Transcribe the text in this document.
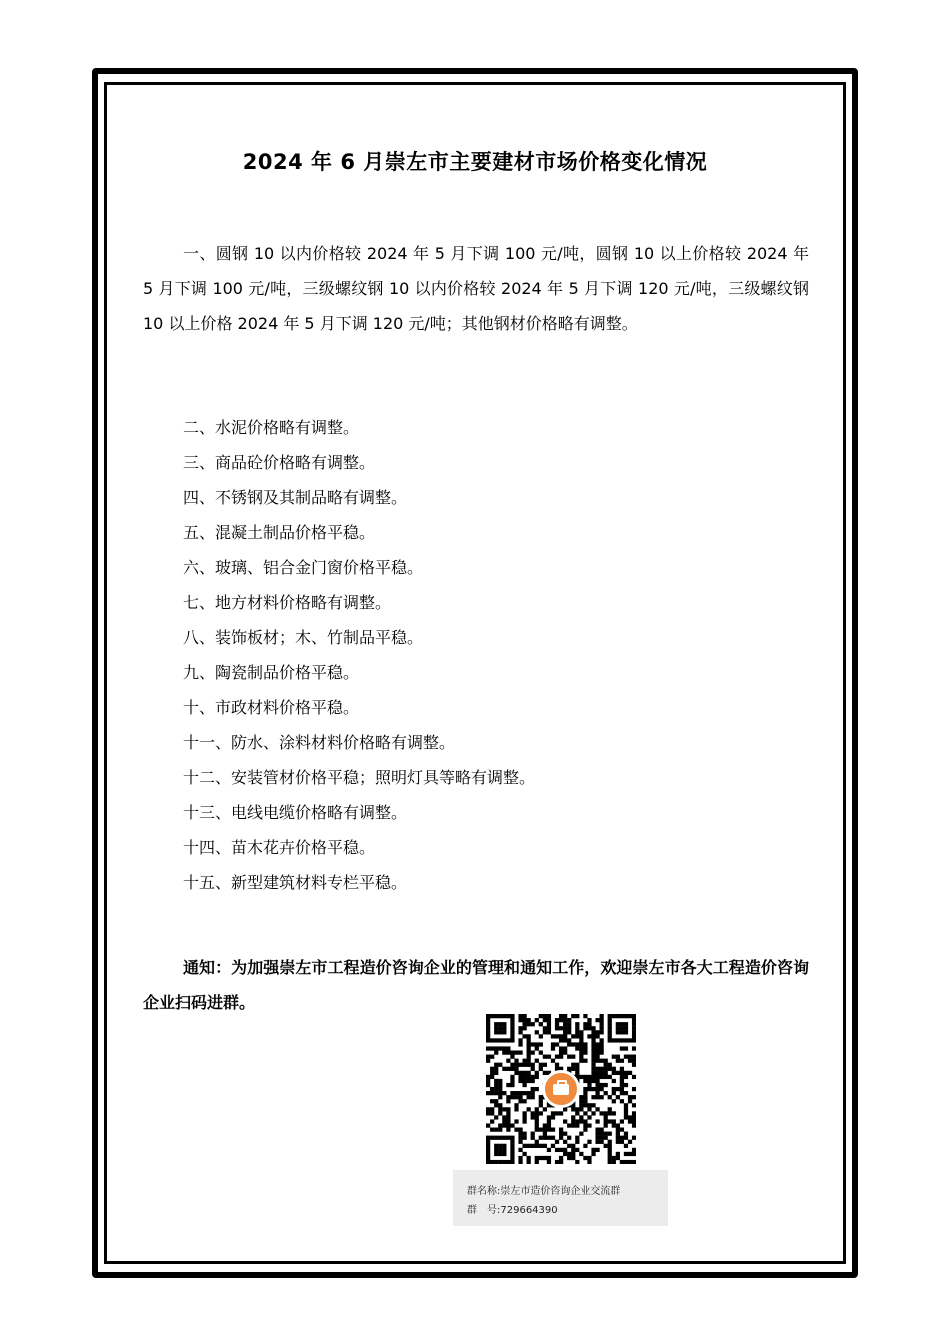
2024 年 6 月崇左市主要建材市场价格变化情况

一、圆钢 10 以内价格较 2024 年 5 月下调 100 元/吨，圆钢 10 以上价格较 2024 年 5 月下调 100 元/吨，三级螺纹钢 10 以内价格较 2024 年 5 月下调 120 元/吨，三级螺纹钢 10 以上价格 2024 年 5 月下调 120 元/吨；其他钢材价格略有调整。

二、水泥价格略有调整。
三、商品砼价格略有调整。
四、不锈钢及其制品略有调整。
五、混凝土制品价格平稳。
六、玻璃、铝合金门窗价格平稳。
七、地方材料价格略有调整。
八、装饰板材；木、竹制品平稳。
九、陶瓷制品价格平稳。
十、市政材料价格平稳。
十一、防水、涂料材料价格略有调整。
十二、安装管材价格平稳；照明灯具等略有调整。
十三、电线电缆价格略有调整。
十四、苗木花卉价格平稳。
十五、新型建筑材料专栏平稳。

通知：为加强崇左市工程造价咨询企业的管理和通知工作，欢迎崇左市各大工程造价咨询企业扫码进群。

群名称:崇左市造价咨询企业交流群
群　号:729664390
